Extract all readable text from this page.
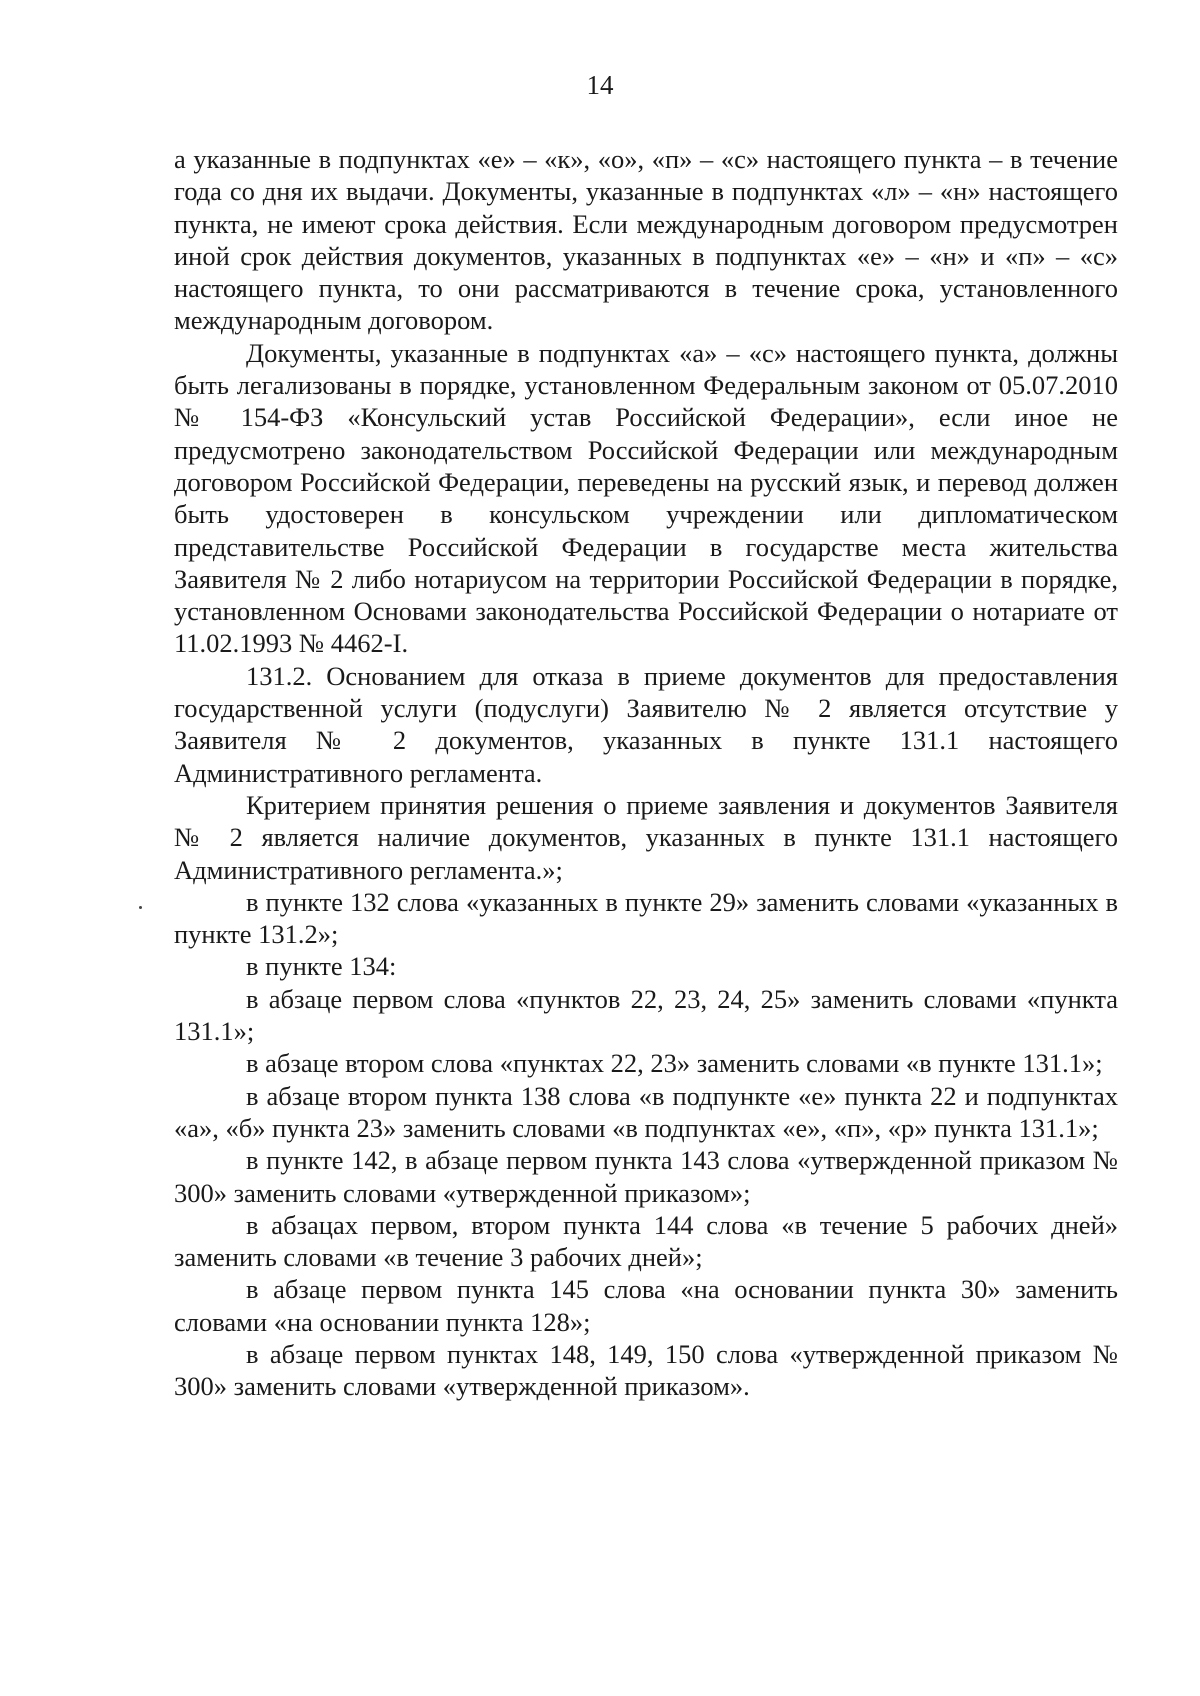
14

а указанные в подпунктах «е» – «к», «о», «п» – «с» настоящего пункта – в течение года со дня их выдачи. Документы, указанные в подпунктах «л» – «н» настоящего пункта, не имеют срока действия. Если международным договором предусмотрен иной срок действия документов, указанных в подпунктах «е» – «н» и «п» – «с» настоящего пункта, то они рассматриваются в течение срока, установленного международным договором.

Документы, указанные в подпунктах «а» – «с» настоящего пункта, должны быть легализованы в порядке, установленном Федеральным законом от 05.07.2010 № 154-ФЗ «Консульский устав Российской Федерации», если иное не предусмотрено законодательством Российской Федерации или международным договором Российской Федерации, переведены на русский язык, и перевод должен быть удостоверен в консульском учреждении или дипломатическом представительстве Российской Федерации в государстве места жительства Заявителя № 2 либо нотариусом на территории Российской Федерации в порядке, установленном Основами законодательства Российской Федерации о нотариате от 11.02.1993 № 4462-I.

131.2. Основанием для отказа в приеме документов для предоставления государственной услуги (подуслуги) Заявителю № 2 является отсутствие у Заявителя № 2 документов, указанных в пункте 131.1 настоящего Административного регламента.

Критерием принятия решения о приеме заявления и документов Заявителя № 2 является наличие документов, указанных в пункте 131.1 настоящего Административного регламента.»;

в пункте 132 слова «указанных в пункте 29» заменить словами «указанных в пункте 131.2»;

в пункте 134:

в абзаце первом слова «пунктов 22, 23, 24, 25» заменить словами «пункта 131.1»;

в абзаце втором слова «пунктах 22, 23» заменить словами «в пункте 131.1»;

в абзаце втором пункта 138 слова «в подпункте «е» пункта 22 и подпунктах «а», «б» пункта 23» заменить словами «в подпунктах «е», «п», «р» пункта 131.1»;

в пункте 142, в абзаце первом пункта 143 слова «утвержденной приказом № 300» заменить словами «утвержденной приказом»;

в абзацах первом, втором пункта 144 слова «в течение 5 рабочих дней» заменить словами «в течение 3 рабочих дней»;

в абзаце первом пункта 145 слова «на основании пункта 30» заменить словами «на основании пункта 128»;

в абзаце первом пунктах 148, 149, 150 слова «утвержденной приказом № 300» заменить словами «утвержденной приказом».
